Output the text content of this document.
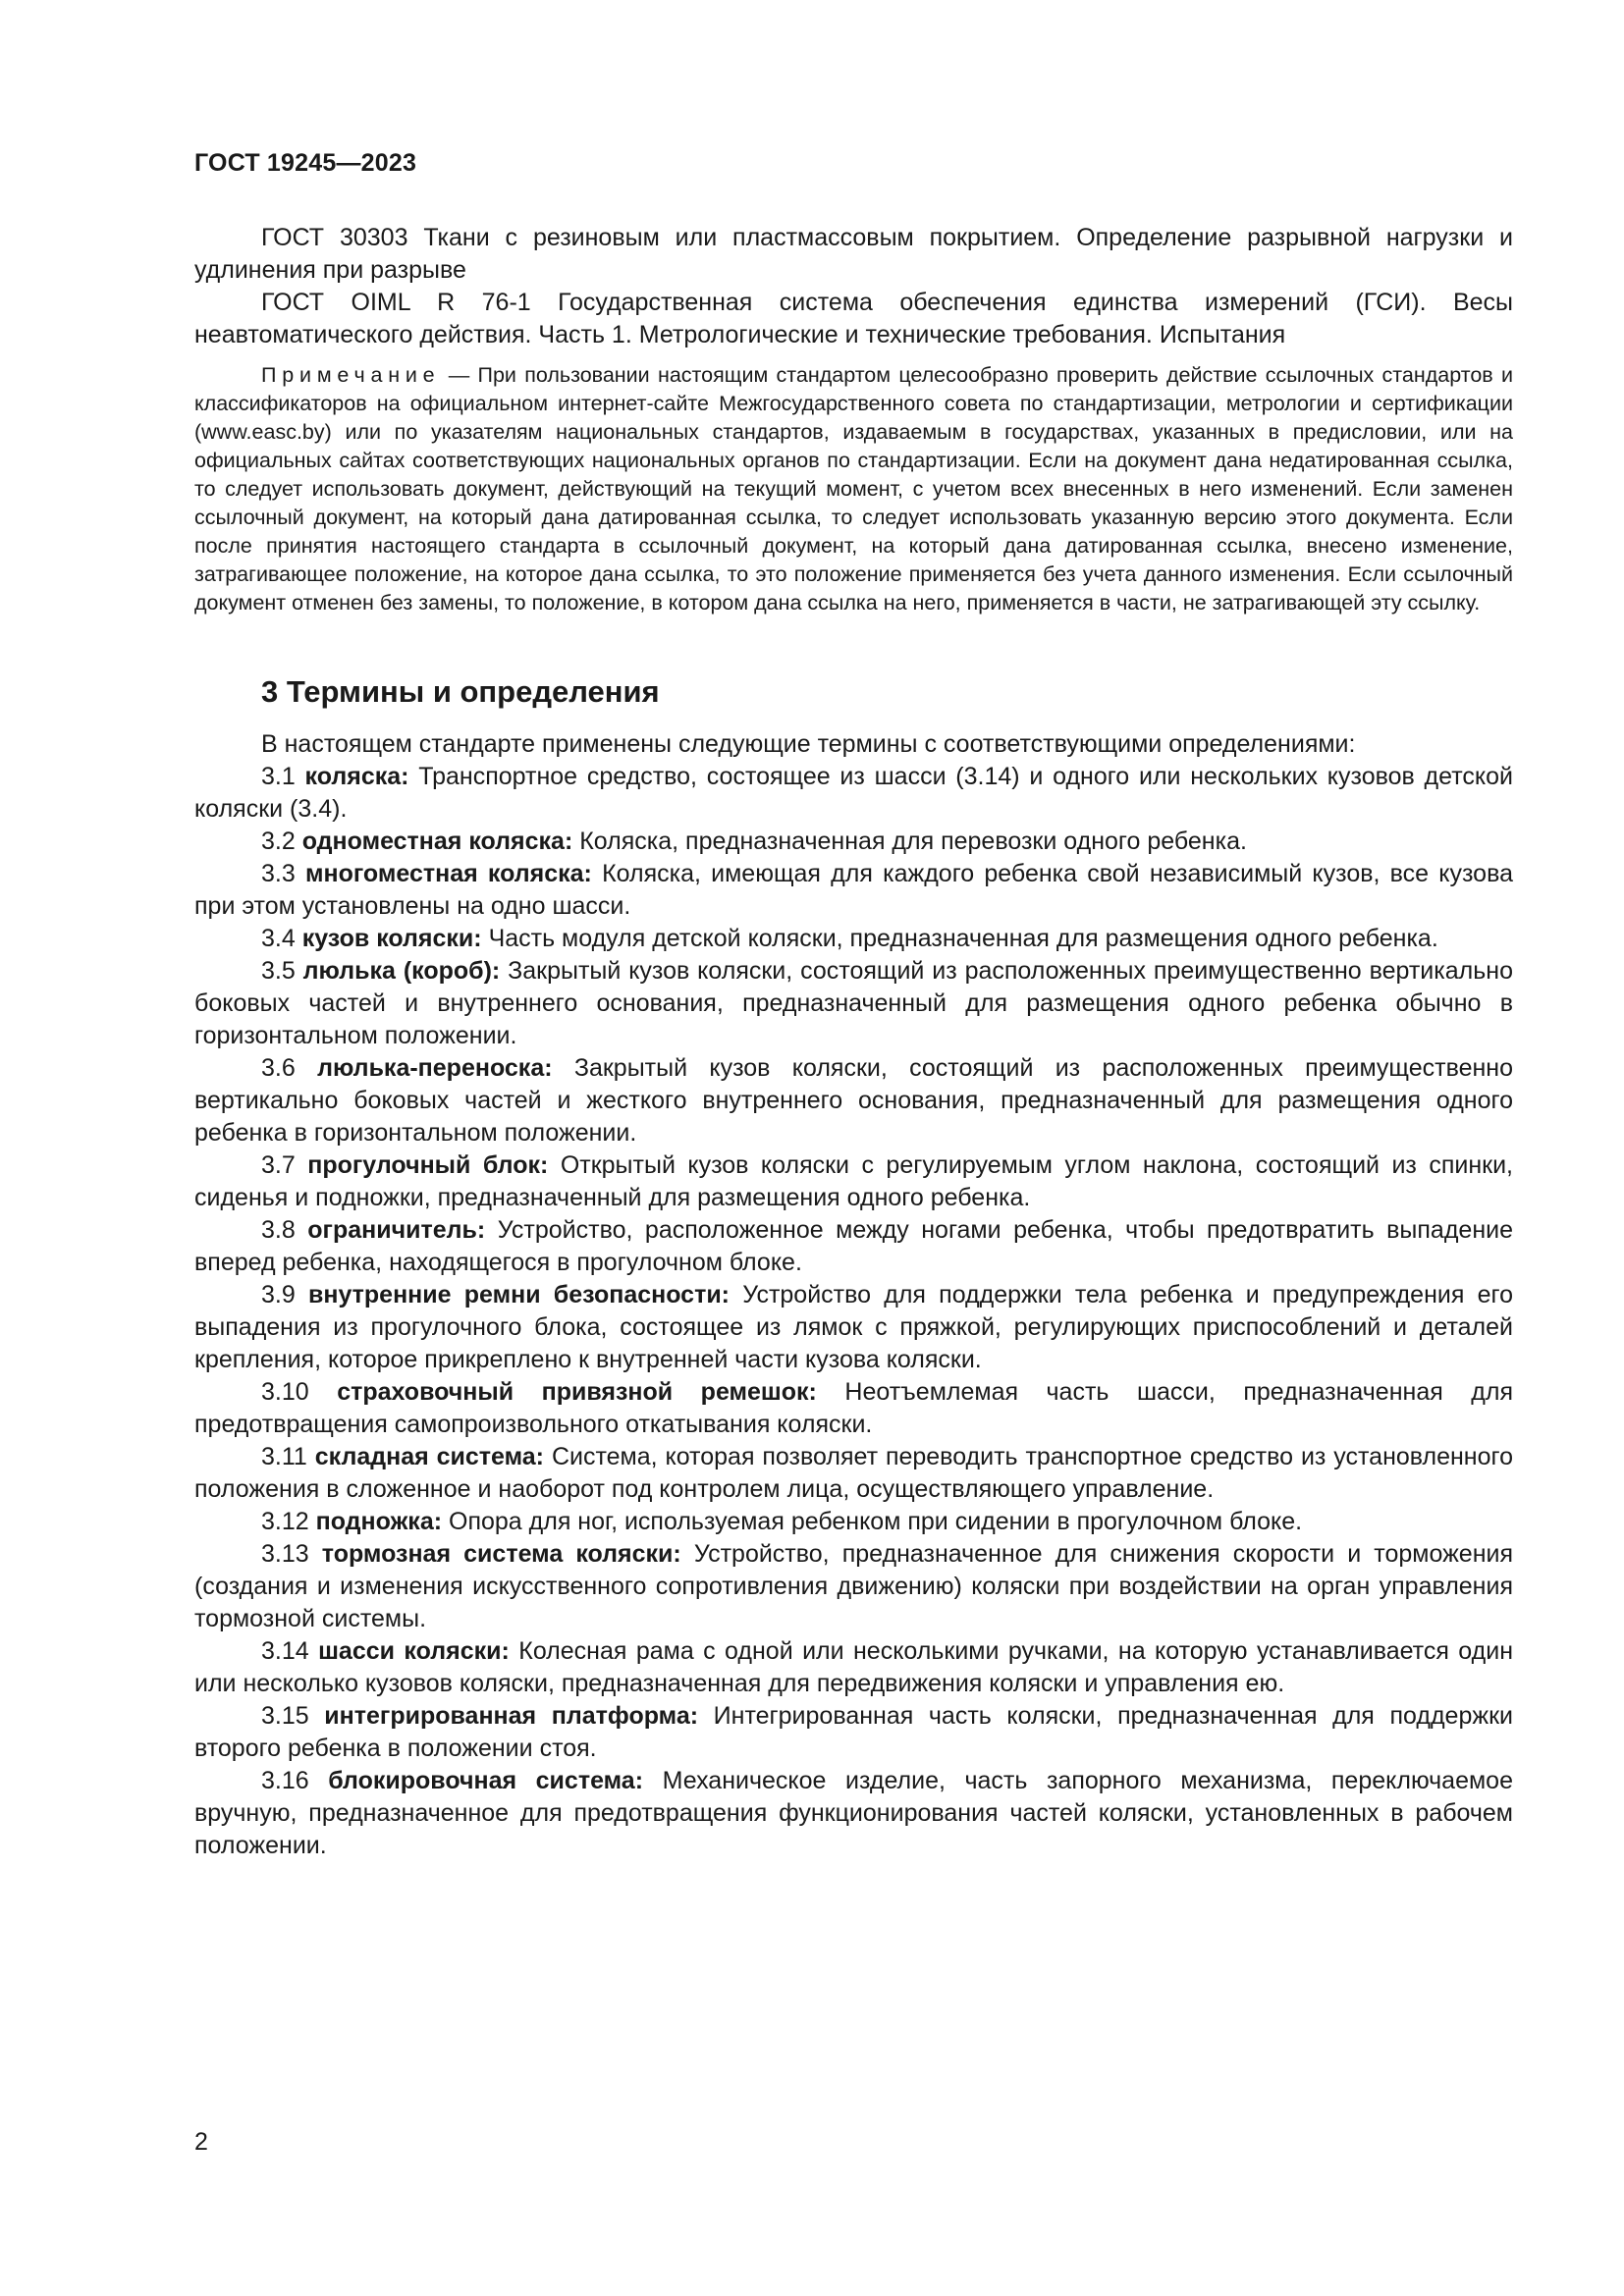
ГОСТ 19245—2023

ГОСТ 30303 Ткани с резиновым или пластмассовым покрытием. Определение разрывной нагрузки и удлинения при разрыве

ГОСТ OIML R 76-1 Государственная система обеспечения единства измерений (ГСИ). Весы неавтоматического действия. Часть 1. Метрологические и технические требования. Испытания

Примечание — При пользовании настоящим стандартом целесообразно проверить действие ссылочных стандартов и классификаторов на официальном интернет-сайте Межгосударственного совета по стандартизации, метрологии и сертификации (www.easc.by) или по указателям национальных стандартов, издаваемым в государствах, указанных в предисловии, или на официальных сайтах соответствующих национальных органов по стандартизации. Если на документ дана недатированная ссылка, то следует использовать документ, действующий на текущий момент, с учетом всех внесенных в него изменений. Если заменен ссылочный документ, на который дана датированная ссылка, то следует использовать указанную версию этого документа. Если после принятия настоящего стандарта в ссылочный документ, на который дана датированная ссылка, внесено изменение, затрагивающее положение, на которое дана ссылка, то это положение применяется без учета данного изменения. Если ссылочный документ отменен без замены, то положение, в котором дана ссылка на него, применяется в части, не затрагивающей эту ссылку.

3 Термины и определения

В настоящем стандарте применены следующие термины с соответствующими определениями:

3.1 коляска: Транспортное средство, состоящее из шасси (3.14) и одного или нескольких кузовов детской коляски (3.4).

3.2 одноместная коляска: Коляска, предназначенная для перевозки одного ребенка.

3.3 многоместная коляска: Коляска, имеющая для каждого ребенка свой независимый кузов, все кузова при этом установлены на одно шасси.

3.4 кузов коляски: Часть модуля детской коляски, предназначенная для размещения одного ребенка.

3.5 люлька (короб): Закрытый кузов коляски, состоящий из расположенных преимущественно вертикально боковых частей и внутреннего основания, предназначенный для размещения одного ребенка обычно в горизонтальном положении.

3.6 люлька-переноска: Закрытый кузов коляски, состоящий из расположенных преимущественно вертикально боковых частей и жесткого внутреннего основания, предназначенный для размещения одного ребенка в горизонтальном положении.

3.7 прогулочный блок: Открытый кузов коляски с регулируемым углом наклона, состоящий из спинки, сиденья и подножки, предназначенный для размещения одного ребенка.

3.8 ограничитель: Устройство, расположенное между ногами ребенка, чтобы предотвратить выпадение вперед ребенка, находящегося в прогулочном блоке.

3.9 внутренние ремни безопасности: Устройство для поддержки тела ребенка и предупреждения его выпадения из прогулочного блока, состоящее из лямок с пряжкой, регулирующих приспособлений и деталей крепления, которое прикреплено к внутренней части кузова коляски.

3.10 страховочный привязной ремешок: Неотъемлемая часть шасси, предназначенная для предотвращения самопроизвольного откатывания коляски.

3.11 складная система: Система, которая позволяет переводить транспортное средство из установленного положения в сложенное и наоборот под контролем лица, осуществляющего управление.

3.12 подножка: Опора для ног, используемая ребенком при сидении в прогулочном блоке.

3.13 тормозная система коляски: Устройство, предназначенное для снижения скорости и торможения (создания и изменения искусственного сопротивления движению) коляски при воздействии на орган управления тормозной системы.

3.14 шасси коляски: Колесная рама с одной или несколькими ручками, на которую устанавливается один или несколько кузовов коляски, предназначенная для передвижения коляски и управления ею.

3.15 интегрированная платформа: Интегрированная часть коляски, предназначенная для поддержки второго ребенка в положении стоя.

3.16 блокировочная система: Механическое изделие, часть запорного механизма, переключаемое вручную, предназначенное для предотвращения функционирования частей коляски, установленных в рабочем положении.

2
